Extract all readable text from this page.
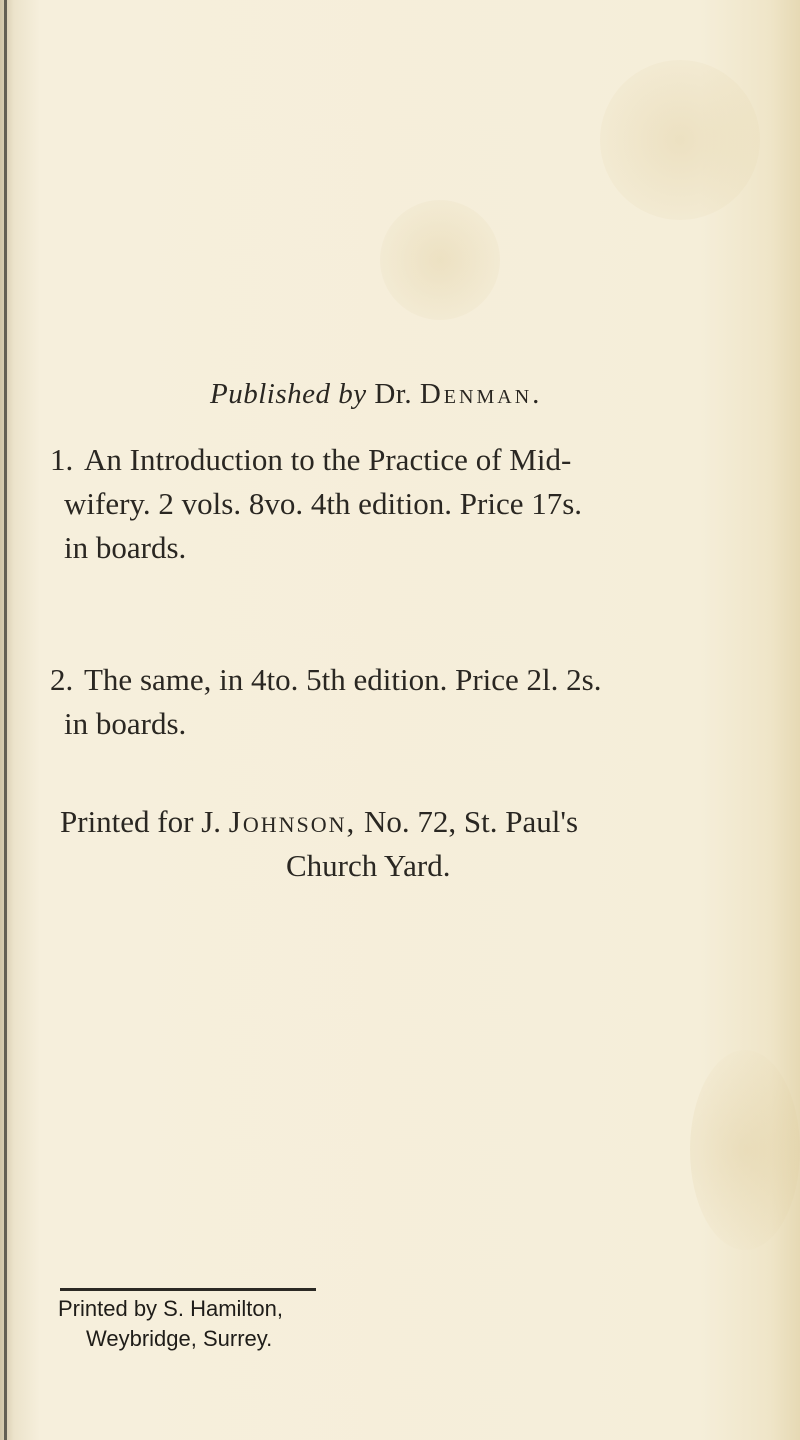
Published by Dr. Denman.
1. An Introduction to the Practice of Mid-
wifery. 2 vols. 8vo. 4th edition. Price 17s.
in boards.
2. The same, in 4to. 5th edition. Price 2l. 2s.
in boards.
Printed for J. Johnson, No. 72, St. Paul's
Church Yard.
Printed by S. Hamilton,
Weybridge, Surrey.
